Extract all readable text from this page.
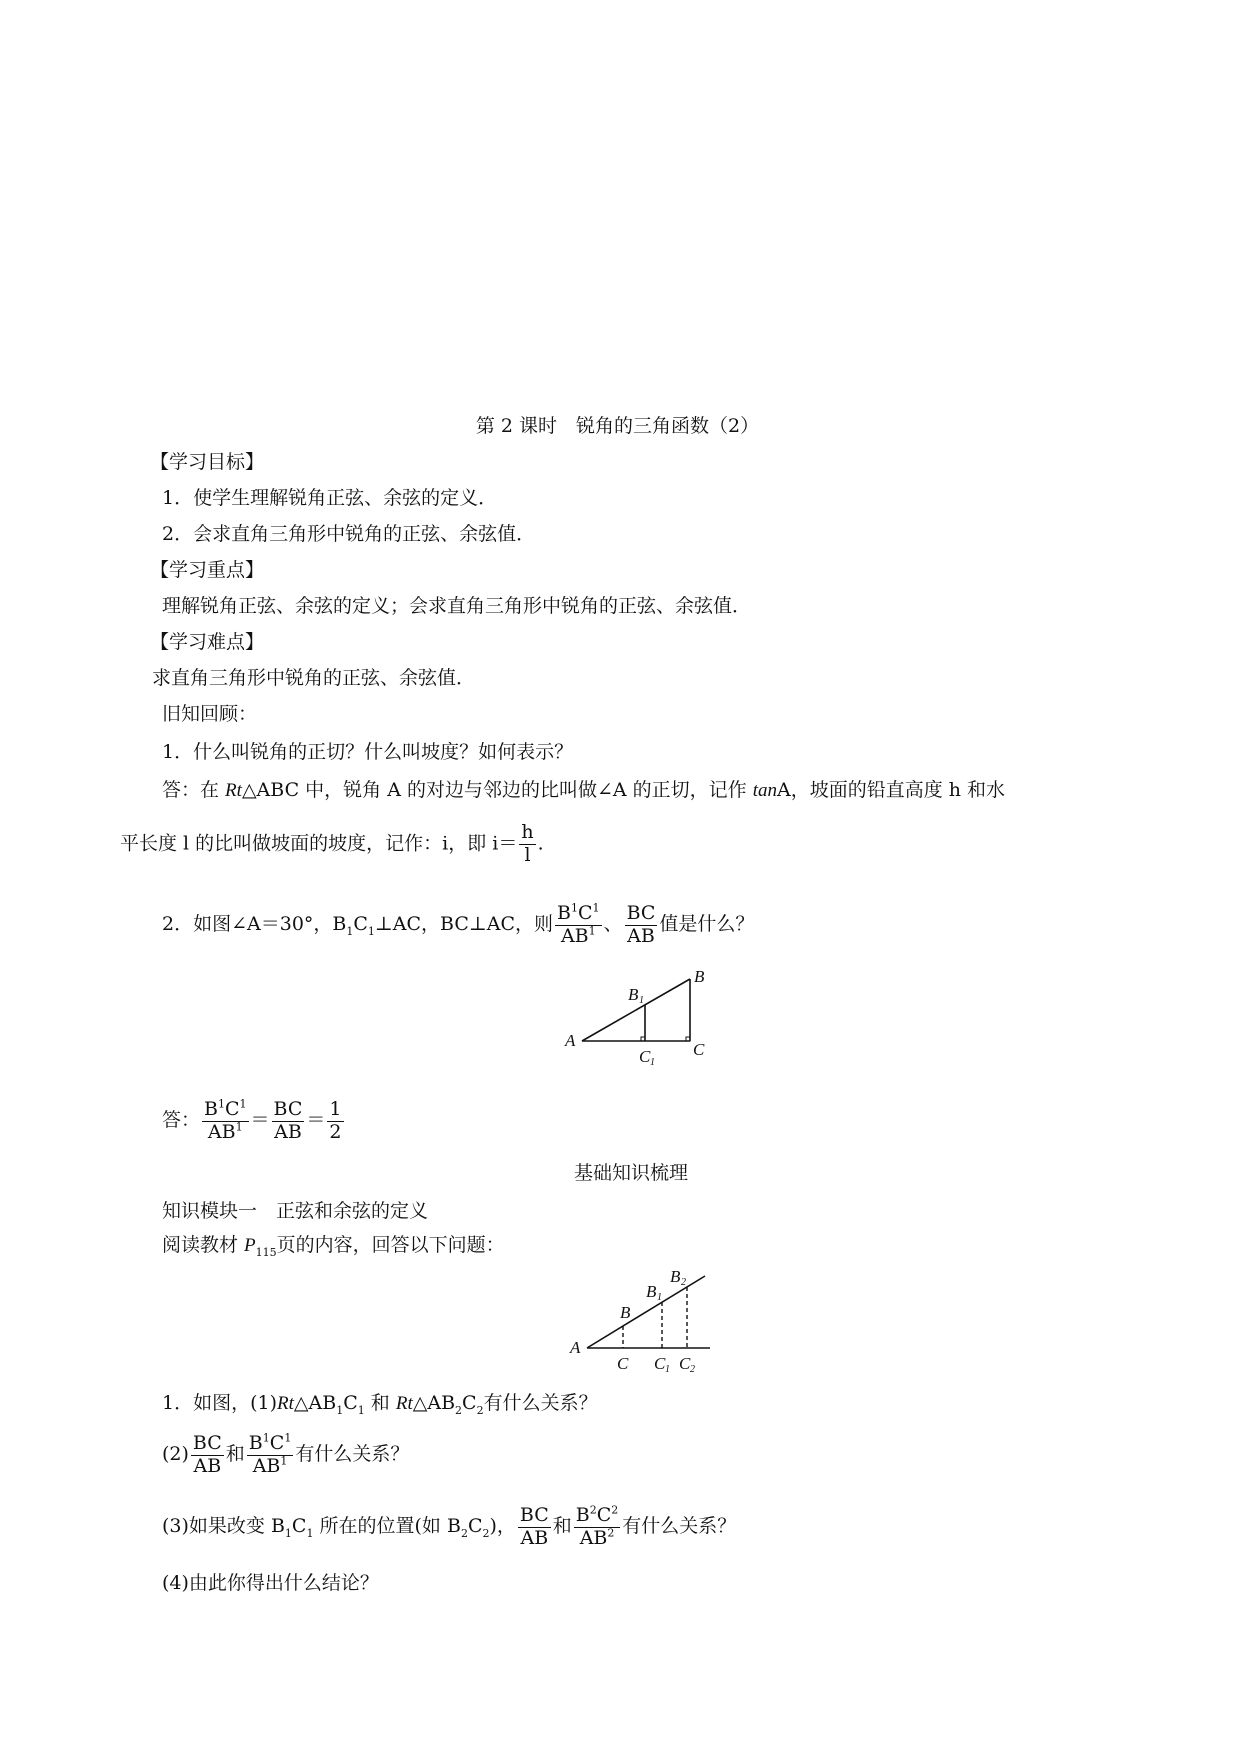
第 2 课时　锐角的三角函数（2）
【学习目标】
1．使学生理解锐角正弦、余弦的定义．
2．会求直角三角形中锐角的正弦、余弦值．
【学习重点】
理解锐角正弦、余弦的定义；会求直角三角形中锐角的正弦、余弦值．
【学习难点】
求直角三角形中锐角的正弦、余弦值．
旧知回顾：
1．什么叫锐角的正切？什么叫坡度？如何表示？
答：在 Rt△ABC 中，锐角 A 的对边与邻边的比叫做∠A 的正切，记作 tanA，坡面的铅直高度 h 和水
平长度 l 的比叫做坡面的坡度，记作：i，即 $i= \frac{h}{l}$ .
2．如图∠A＝30°，$B_1C_1\perp AC$，BC⊥AC，则 $\frac{B^1C^1}{AB^1}$ 、 $\frac{BC}{AB}$ 值是什么？
A
B
B 1
C
C 1
答： $\frac{B^1C^1}{AB^1} = \frac{BC}{AB} = \frac{1}{2}$
基础知识梳理
知识模块一　正弦和余弦的定义
阅读教材 $P_{115}$页的内容，回答以下问题：
A
B
B 1
B 2
C C 1 C 2
1．如图，$(1)Rt\triangle AB_1C_1$ 和 $Rt\triangle AB_2C_2$有什么关系？
$(2) \frac{BC}{AB}$ 和 $\frac{B^1C^1}{AB^1}$ 有什么关系？
(3)如果改变 $B_1C_1$ 所在的位置(如 $B_2C_2$)， $\frac{BC}{AB}$ 和 $\frac{B^2C^2}{AB^2}$ 有什么关系？
(4)由此你得出什么结论？
